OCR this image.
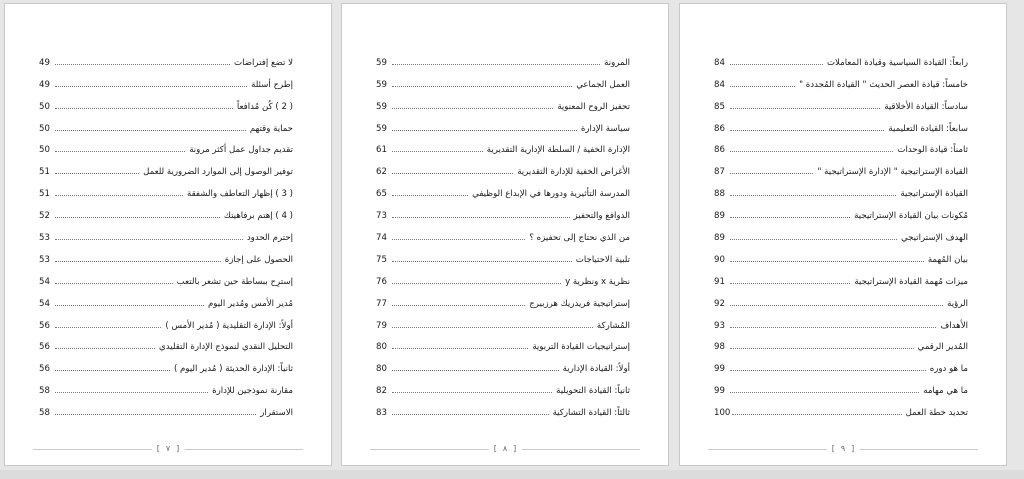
لا تضع إفتراضات
49
إطرح أسئلة
49
( 2 ) كُن مُدافعاً
50
حماية وقتهم
50
تقديم جداول عمل أكثر مرونة
50
توفير الوصول إلى الموارد الضرورية للعمل
51
( 3 ) إظهار التعاطف والشفقة
51
( 4 ) إهتم برفاهيتك
52
إحترم الحدود
53
الحصول على إجازة
53
إسترِح ببساطة حين تشعر بالتعب
54
مُدير الأمس ومُدير اليوم
54
أولاً: الإدارة التقليدية ( مُدير الأمس )
56
التحليل النقدي لنموذج الإدارة التقليدي
56
ثانياً: الإدارة الحديثة ( مُدير اليوم )
56
مقارنة نموذجين للإدارة
58
الاستقرار
58
[ ٧ ]
المرونة
59
العمل الجماعي
59
تحفيز الروح المعنوية
59
سياسة الإدارة
59
الإدارة الخفية / السلطة الإدارية التقديرية
61
الأغراض الخفية للإدارة التقديرية
62
المدرسة التأثيرية ودورها في الإبداع الوظيفي
65
الدوافع والتحفيز
73
من الذي نحتاج إلى تحفيزه ؟
74
تلبية الاحتياجات
75
نظرية x ونظرية y
76
إستراتيجية فريدريك هرزبيرج
77
المُشاركة
79
إستراتيجيات القيادة التربوية
80
أولاً: القيادة الإدارية
80
ثانياً: القيادة التحويلية
82
ثالثاً: القيادة التشاركية
83
[ ٨ ]
رابعاً: القيادة السياسية وقيادة المعاملات
84
خامساً: قيادة العصر الحديث " القيادة المُجددة "
84
سادساً: القيادة الأخلاقية
85
سابعاً: القيادة التعليمية
86
ثامناً: قيادة الوحدات
86
القيادة الإستراتيجية " الإدارة الإستراتيجية "
87
القيادة الإستراتيجية
88
مُكونات بيان القيادة الإستراتيجية
89
الهدف الإستراتيجي
89
بيان المُهمة
90
ميزات مُهمة القيادة الإستراتيجية
91
الرؤية
92
الأهداف
93
المُدير الرقمي
98
ما هو دوره
99
ما هي مهامه
99
تحديد خطة العمل
100
[ ٩ ]
